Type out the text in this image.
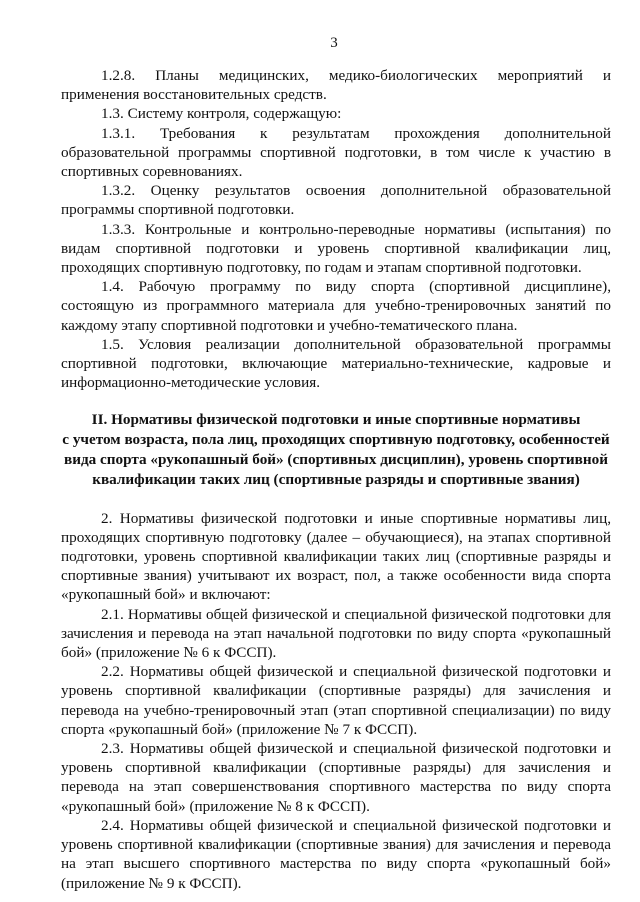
3

1.2.8. Планы медицинских, медико-биологических мероприятий и применения восстановительных средств.

1.3. Систему контроля, содержащую:

1.3.1. Требования к результатам прохождения дополнительной образовательной программы спортивной подготовки, в том числе к участию в спортивных соревнованиях.

1.3.2. Оценку результатов освоения дополнительной образовательной программы спортивной подготовки.

1.3.3. Контрольные и контрольно-переводные нормативы (испытания) по видам спортивной подготовки и уровень спортивной квалификации лиц, проходящих спортивную подготовку, по годам и этапам спортивной подготовки.

1.4. Рабочую программу по виду спорта (спортивной дисциплине), состоящую из программного материала для учебно-тренировочных занятий по каждому этапу спортивной подготовки и учебно-тематического плана.

1.5. Условия реализации дополнительной образовательной программы спортивной подготовки, включающие материально-технические, кадровые и информационно-методические условия.

II. Нормативы физической подготовки и иные спортивные нормативы
с учетом возраста, пола лиц, проходящих спортивную подготовку, особенностей
вида спорта «рукопашный бой» (спортивных дисциплин), уровень спортивной
квалификации таких лиц (спортивные разряды и спортивные звания)

2. Нормативы физической подготовки и иные спортивные нормативы лиц, проходящих спортивную подготовку (далее – обучающиеся), на этапах спортивной подготовки, уровень спортивной квалификации таких лиц (спортивные разряды и спортивные звания) учитывают их возраст, пол, а также особенности вида спорта «рукопашный бой» и включают:

2.1. Нормативы общей физической и специальной физической подготовки для зачисления и перевода на этап начальной подготовки по виду спорта «рукопашный бой» (приложение № 6 к ФССП).

2.2. Нормативы общей физической и специальной физической подготовки и уровень спортивной квалификации (спортивные разряды) для зачисления и перевода на учебно-тренировочный этап (этап спортивной специализации) по виду спорта «рукопашный бой» (приложение № 7 к ФССП).

2.3. Нормативы общей физической и специальной физической подготовки и уровень спортивной квалификации (спортивные разряды) для зачисления и перевода на этап совершенствования спортивного мастерства по виду спорта «рукопашный бой» (приложение № 8 к ФССП).

2.4. Нормативы общей физической и специальной физической подготовки и уровень спортивной квалификации (спортивные звания) для зачисления и перевода на этап высшего спортивного мастерства по виду спорта «рукопашный бой» (приложение № 9 к ФССП).
